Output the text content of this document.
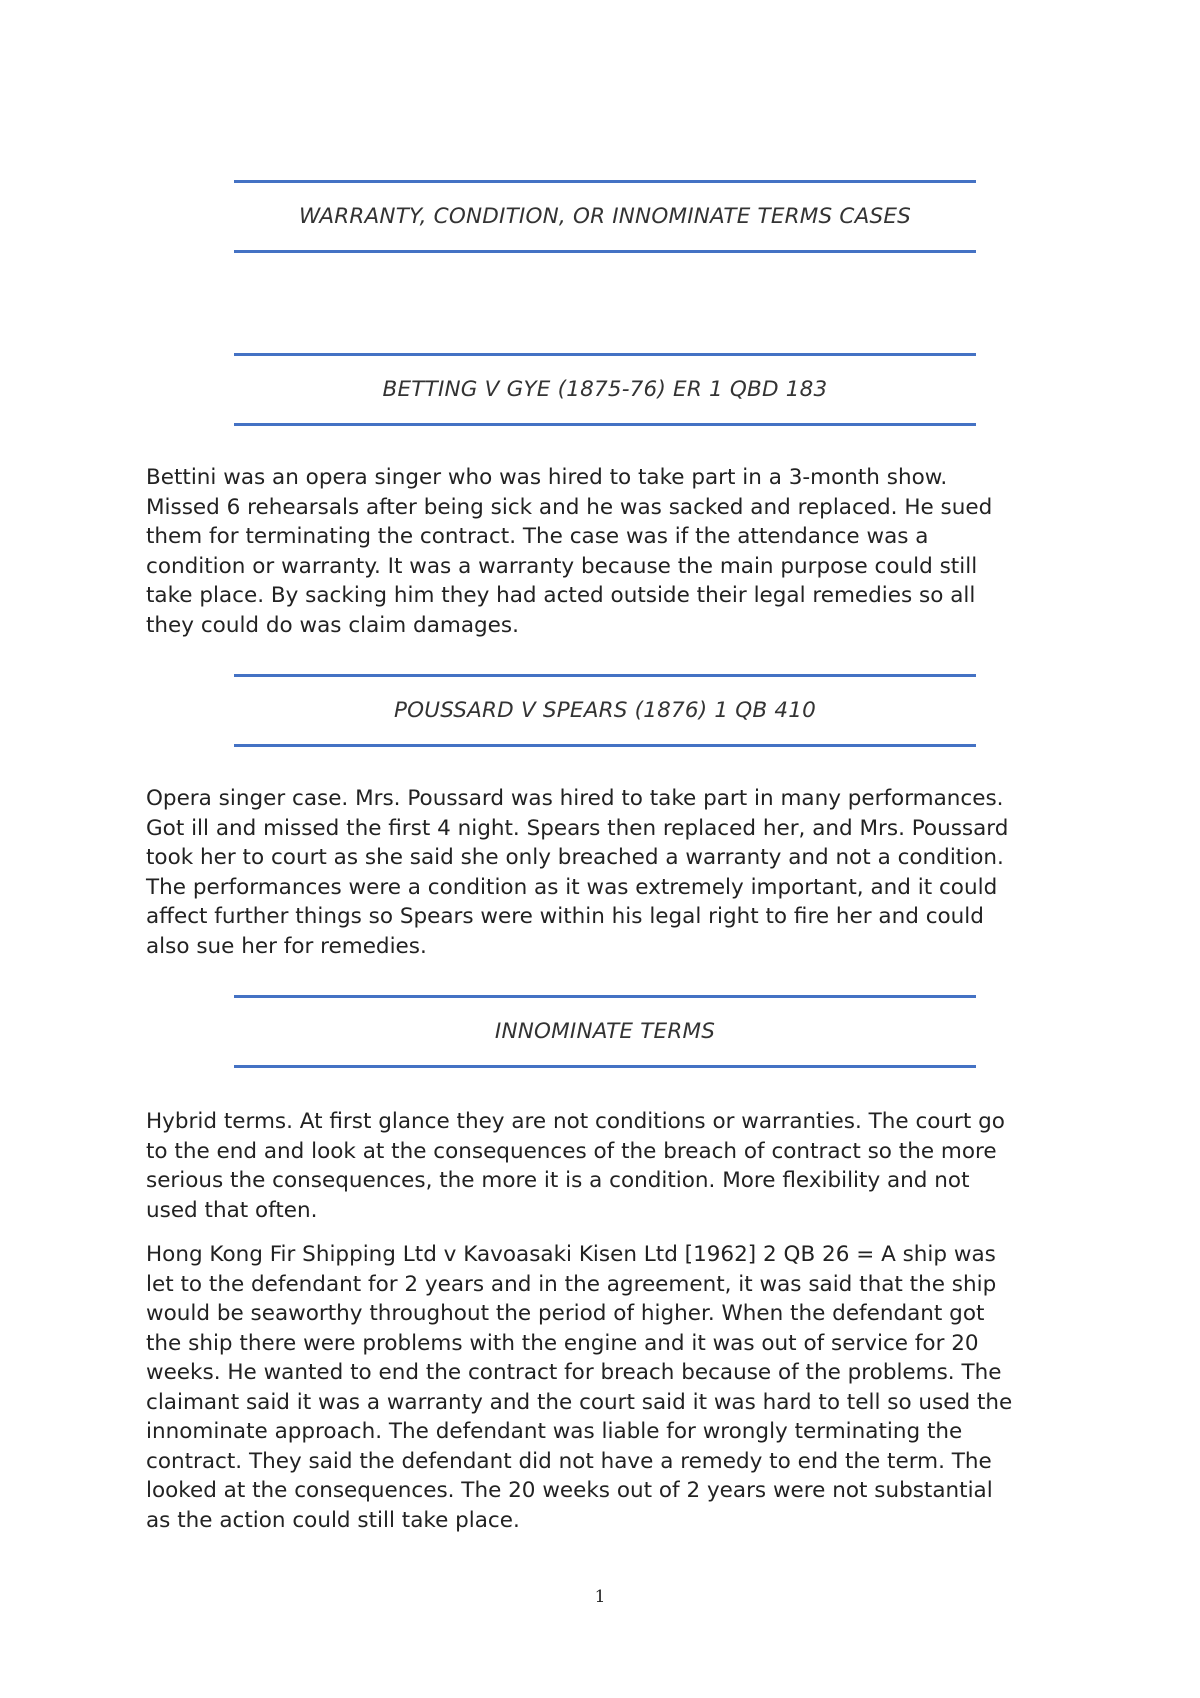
WARRANTY, CONDITION, OR INNOMINATE TERMS CASES
BETTING V GYE (1875-76) ER 1 QBD 183
Bettini was an opera singer who was hired to take part in a 3-month show.
Missed 6 rehearsals after being sick and he was sacked and replaced. He sued
them for terminating the contract. The case was if the attendance was a
condition or warranty. It was a warranty because the main purpose could still
take place. By sacking him they had acted outside their legal remedies so all
they could do was claim damages.
POUSSARD V SPEARS (1876) 1 QB 410
Opera singer case. Mrs. Poussard was hired to take part in many performances.
Got ill and missed the first 4 night. Spears then replaced her, and Mrs. Poussard
took her to court as she said she only breached a warranty and not a condition.
The performances were a condition as it was extremely important, and it could
affect further things so Spears were within his legal right to fire her and could
also sue her for remedies.
INNOMINATE TERMS
Hybrid terms. At first glance they are not conditions or warranties. The court go
to the end and look at the consequences of the breach of contract so the more
serious the consequences, the more it is a condition. More flexibility and not
used that often.
Hong Kong Fir Shipping Ltd v Kavoasaki Kisen Ltd [1962] 2 QB 26 = A ship was
let to the defendant for 2 years and in the agreement, it was said that the ship
would be seaworthy throughout the period of higher. When the defendant got
the ship there were problems with the engine and it was out of service for 20
weeks. He wanted to end the contract for breach because of the problems. The
claimant said it was a warranty and the court said it was hard to tell so used the
innominate approach. The defendant was liable for wrongly terminating the
contract. They said the defendant did not have a remedy to end the term. The
looked at the consequences. The 20 weeks out of 2 years were not substantial
as the action could still take place.
1
